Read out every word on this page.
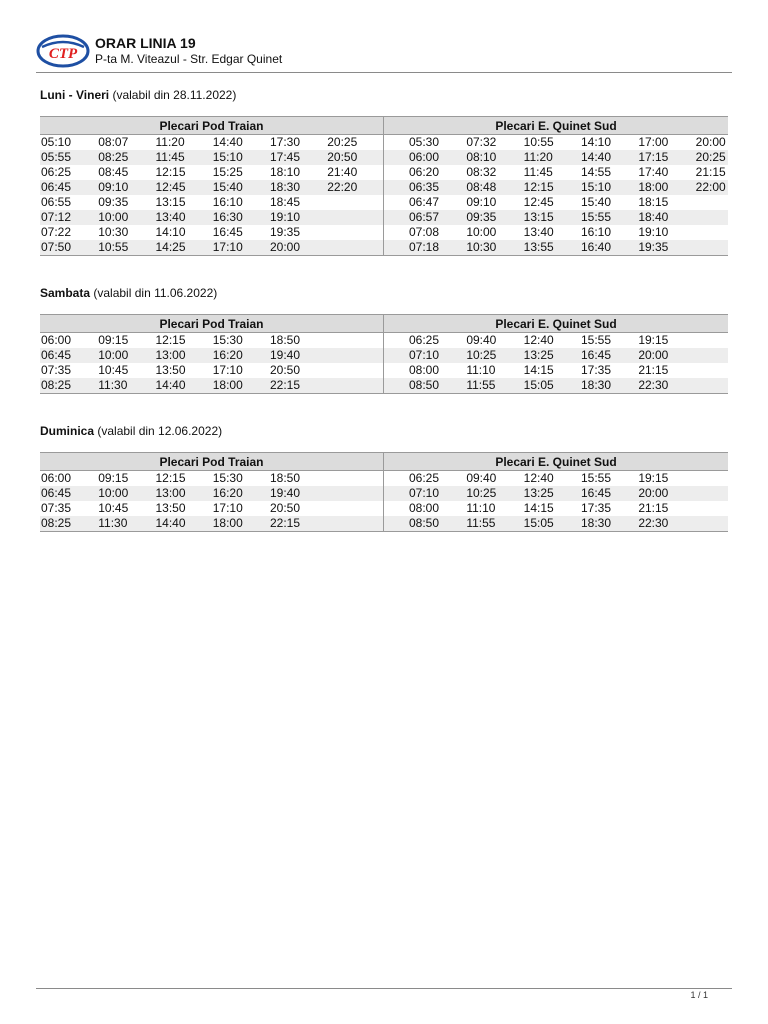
CTP
ORAR LINIA 19
P-ta M. Viteazul - Str. Edgar Quinet
Luni - Vineri (valabil din 28.11.2022)
Plecari Pod Traian					
05:10	08:07	11:20	14:40	17:30	20:25
05:55	08:25	11:45	15:10	17:45	20:50
06:25	08:45	12:15	15:25	18:10	21:40
06:45	09:10	12:45	15:40	18:30	22:20
06:55	09:35	13:15	16:10	18:45	
07:12	10:00	13:40	16:30	19:10	
07:22	10:30	14:10	16:45	19:35	
07:50	10:55	14:25	17:10	20:00	
Plecari E. Quinet Sud					
05:30	07:32	10:55	14:10	17:00	20:00
06:00	08:10	11:20	14:40	17:15	20:25
06:20	08:32	11:45	14:55	17:40	21:15
06:35	08:48	12:15	15:10	18:00	22:00
06:47	09:10	12:45	15:40	18:15	
06:57	09:35	13:15	15:55	18:40	
07:08	10:00	13:40	16:10	19:10	
07:18	10:30	13:55	16:40	19:35	
Sambata (valabil din 11.06.2022)
Plecari Pod Traian					
06:00	09:15	12:15	15:30	18:50	
06:45	10:00	13:00	16:20	19:40	
07:35	10:45	13:50	17:10	20:50	
08:25	11:30	14:40	18:00	22:15	
Plecari E. Quinet Sud					
06:25	09:40	12:40	15:55	19:15	
07:10	10:25	13:25	16:45	20:00	
08:00	11:10	14:15	17:35	21:15	
08:50	11:55	15:05	18:30	22:30	
Duminica (valabil din 12.06.2022)
Plecari Pod Traian					
06:00	09:15	12:15	15:30	18:50	
06:45	10:00	13:00	16:20	19:40	
07:35	10:45	13:50	17:10	20:50	
08:25	11:30	14:40	18:00	22:15	
Plecari E. Quinet Sud					
06:25	09:40	12:40	15:55	19:15	
07:10	10:25	13:25	16:45	20:00	
08:00	11:10	14:15	17:35	21:15	
08:50	11:55	15:05	18:30	22:30	
1 / 1
